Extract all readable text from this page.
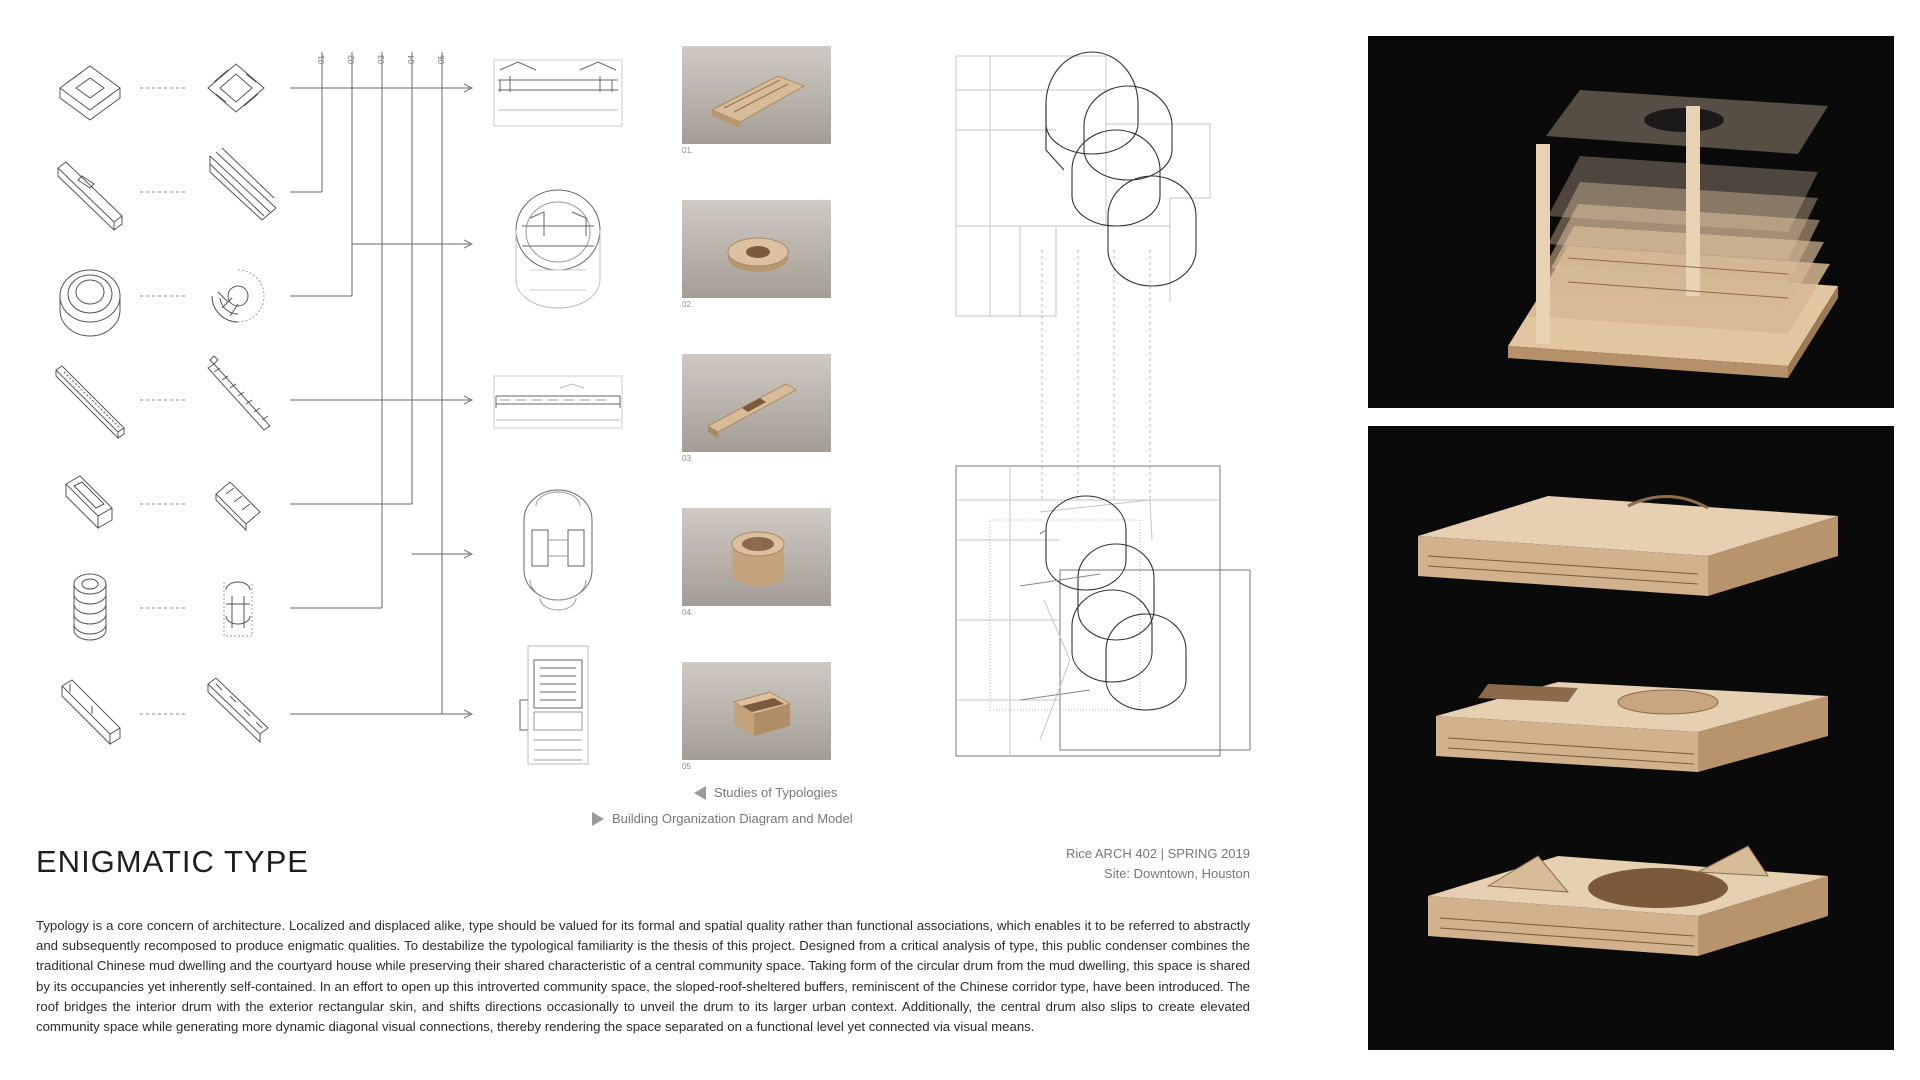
01	02	03	04	05
01.
02.
03.
04.
05
Studies of Typologies
Building Organization Diagram and Model
ENIGMATIC TYPE	Rice ARCH 402 | SPRING 2019
Site: Downtown, Houston

Typology is a core concern of architecture. Localized and displaced alike, type should be valued for its formal and spatial quality rather than functional associations, which enables it to be referred to abstractly and subsequently recomposed to produce enigmatic qualities. To destabilize the typological familiarity is the thesis of this project. Designed from a critical analysis of type, this public condenser combines the traditional Chinese mud dwelling and the courtyard house while preserving their shared characteristic of a central community space. Taking form of the circular drum from the mud dwelling, this space is shared by its occupancies yet inherently self-contained. In an effort to open up this introverted community space, the sloped-roof-sheltered buffers, reminiscent of the Chinese corridor type, have been introduced. The roof bridges the interior drum with the exterior rectangular skin, and shifts directions occasionally to unveil the drum to its larger urban context. Additionally, the central drum also slips to create elevated community space while generating more dynamic diagonal visual connections, thereby rendering the space separated on a functional level yet connected via visual means.
